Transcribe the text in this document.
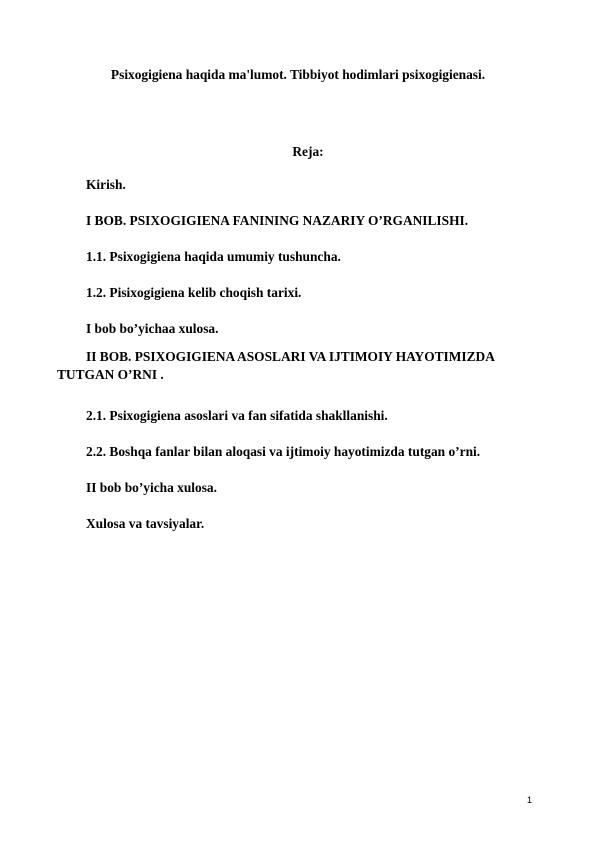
Psixogigiena haqida ma'lumot. Tibbiyot hodimlari psixogigienasi.
Reja:
Kirish.
I BOB. PSIXOGIGIENA FANINING NAZARIY O’RGANILISHI.
1.1. Psixogigiena haqida umumiy tushuncha.
1.2. Pisixogigiena kelib choqish tarixi.
I bob bo’yichaa xulosa.
II BOB. PSIXOGIGIENA ASOSLARI VA IJTIMOIY HAYOTIMIZDA TUTGAN O’RNI .
2.1. Psixogigiena asoslari va fan sifatida shakllanishi.
2.2. Boshqa fanlar bilan aloqasi va ijtimoiy hayotimizda tutgan o’rni.
II bob bo’yicha xulosa.
Xulosa va tavsiyalar.
1
